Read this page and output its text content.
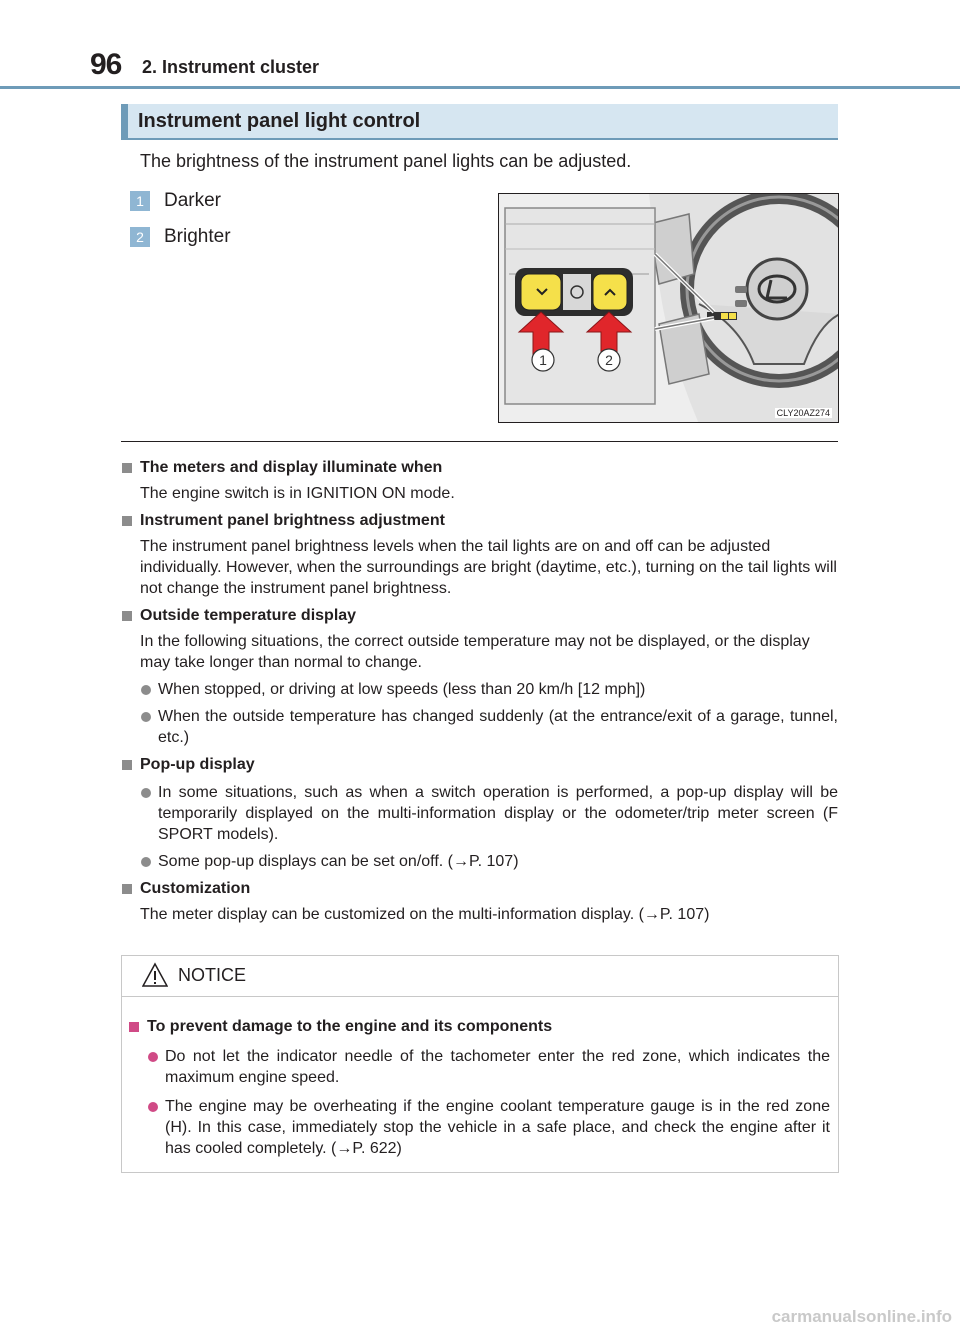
96 2. Instrument cluster
Instrument panel light control
The brightness of the instrument panel lights can be adjusted.
1	Darker
2	Brighter
1	2
CLY20AZ274
The meters and display illuminate when
The engine switch is in IGNITION ON mode.
Instrument panel brightness adjustment
The instrument panel brightness levels when the tail lights are on and off can be adjusted individually. However, when the surroundings are bright (daytime, etc.), turning on the tail lights will not change the instrument panel brightness.
Outside temperature display
In the following situations, the correct outside temperature may not be displayed, or the display may take longer than normal to change.
When stopped, or driving at low speeds (less than 20 km/h [12 mph])
When the outside temperature has changed suddenly (at the entrance/exit of a garage, tunnel, etc.)
Pop-up display
In some situations, such as when a switch operation is performed, a pop-up display will be temporarily displayed on the multi-information display or the odometer/trip meter screen (F SPORT models).
Some pop-up displays can be set on/off. (→P. 107)
Customization
The meter display can be customized on the multi-information display. (→P. 107)
NOTICE
To prevent damage to the engine and its components
Do not let the indicator needle of the tachometer enter the red zone, which indicates the maximum engine speed.
The engine may be overheating if the engine coolant temperature gauge is in the red zone (H). In this case, immediately stop the vehicle in a safe place, and check the engine after it has cooled completely. (→P. 622)
carmanualsonline.info
